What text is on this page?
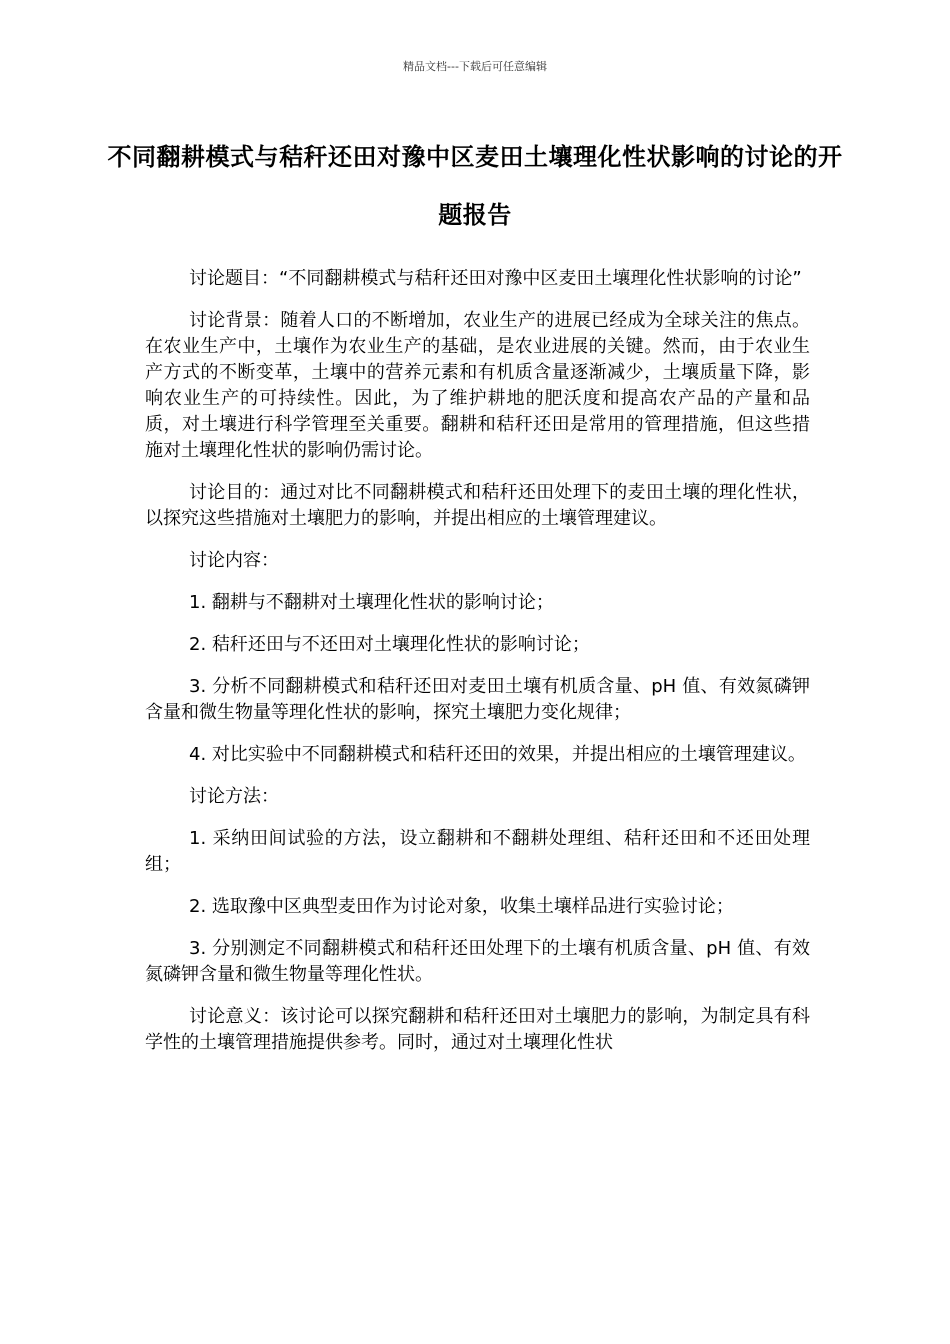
精品文档---下载后可任意编辑
不同翻耕模式与秸秆还田对豫中区麦田土壤理化性状影响的讨论的开题报告

讨论题目：“不同翻耕模式与秸秆还田对豫中区麦田土壤理化性状影响的讨论”

讨论背景：随着人口的不断增加，农业生产的进展已经成为全球关注的焦点。在农业生产中，土壤作为农业生产的基础，是农业进展的关键。然而，由于农业生产方式的不断变革，土壤中的营养元素和有机质含量逐渐减少，土壤质量下降，影响农业生产的可持续性。因此，为了维护耕地的肥沃度和提高农产品的产量和品质，对土壤进行科学管理至关重要。翻耕和秸秆还田是常用的管理措施，但这些措施对土壤理化性状的影响仍需讨论。

讨论目的：通过对比不同翻耕模式和秸秆还田处理下的麦田土壤的理化性状，以探究这些措施对土壤肥力的影响，并提出相应的土壤管理建议。

讨论内容：

1. 翻耕与不翻耕对土壤理化性状的影响讨论；

2. 秸秆还田与不还田对土壤理化性状的影响讨论；

3. 分析不同翻耕模式和秸秆还田对麦田土壤有机质含量、pH 值、有效氮磷钾含量和微生物量等理化性状的影响，探究土壤肥力变化规律；

4. 对比实验中不同翻耕模式和秸秆还田的效果，并提出相应的土壤管理建议。

讨论方法：

1. 采纳田间试验的方法，设立翻耕和不翻耕处理组、秸秆还田和不还田处理组；

2. 选取豫中区典型麦田作为讨论对象，收集土壤样品进行实验讨论；

3. 分别测定不同翻耕模式和秸秆还田处理下的土壤有机质含量、pH 值、有效氮磷钾含量和微生物量等理化性状。

讨论意义：该讨论可以探究翻耕和秸秆还田对土壤肥力的影响，为制定具有科学性的土壤管理措施提供参考。同时，通过对土壤理化性状
